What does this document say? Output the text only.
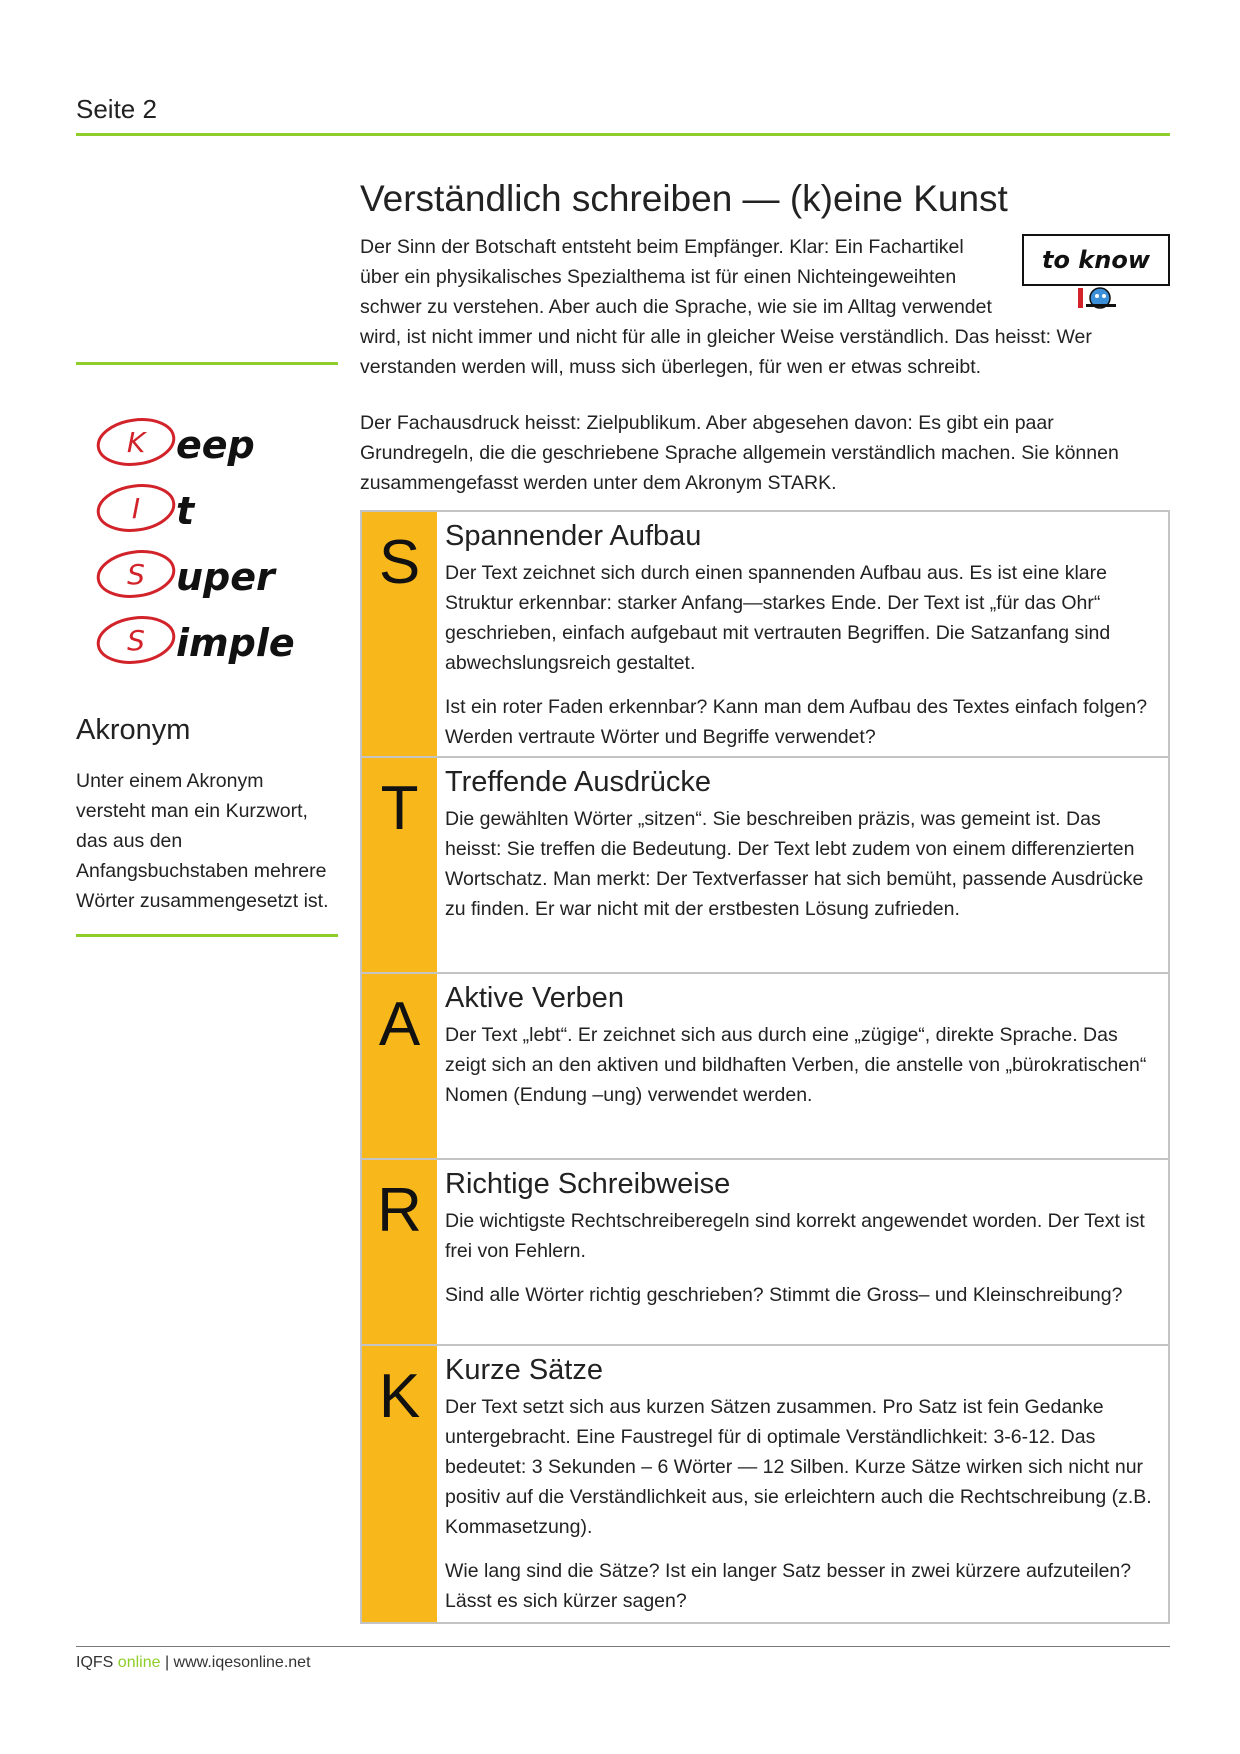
Seite 2
K eep
I t
S uper
S imple
Akronym
Unter einem Akronym versteht man ein Kurzwort, das aus den Anfangsbuchstaben mehrere Wörter zusammengesetzt ist.
Verständlich schreiben — (k)eine Kunst
to know

Der Sinn der Botschaft entsteht beim Empfänger. Klar: Ein Fachartikel über ein physikalisches Spezialthema ist für einen Nichteingeweihten schwer zu verstehen. Aber auch die Sprache, wie sie im Alltag verwendet wird, ist nicht immer und nicht für alle in gleicher Weise verständlich. Das heisst: Wer verstanden werden will, muss sich überlegen, für wen er etwas schreibt.

Der Fachausdruck heisst: Zielpublikum. Aber abgesehen davon: Es gibt ein paar Grundregeln, die die geschriebene Sprache allgemein verständlich machen. Sie können zusammengefasst werden unter dem Akronym STARK.

S Spannender Aufbau

Der Text zeichnet sich durch einen spannenden Aufbau aus. Es ist eine klare Struktur erkennbar: starker Anfang—starkes Ende. Der Text ist „für das Ohr“ geschrieben, einfach aufgebaut mit vertrauten Begriffen. Die Satzanfang sind abwechslungsreich gestaltet.

Ist ein roter Faden erkennbar? Kann man dem Aufbau des Textes einfach folgen? Werden vertraute Wörter und Begriffe verwendet?

T Treffende Ausdrücke

Die gewählten Wörter „sitzen“. Sie beschreiben präzis, was gemeint ist. Das heisst: Sie treffen die Bedeutung. Der Text lebt zudem von einem differenzierten Wortschatz. Man merkt: Der Textverfasser hat sich bemüht, passende Ausdrücke zu finden. Er war nicht mit der erstbesten Lösung zufrieden.

A Aktive Verben

Der Text „lebt“. Er zeichnet sich aus durch eine „zügige“, direkte Sprache. Das zeigt sich an den aktiven und bildhaften Verben, die anstelle von „bürokratischen“ Nomen (Endung –ung) verwendet werden.

R Richtige Schreibweise

Die wichtigste Rechtschreiberegeln sind korrekt angewendet worden. Der Text ist frei von Fehlern.

Sind alle Wörter richtig geschrieben? Stimmt die Gross– und Kleinschreibung?

K Kurze Sätze

Der Text setzt sich aus kurzen Sätzen zusammen. Pro Satz ist fein Gedanke untergebracht. Eine Faustregel für di optimale Verständlichkeit: 3-6-12. Das bedeutet: 3 Sekunden – 6 Wörter — 12 Silben. Kurze Sätze wirken sich nicht nur positiv auf die Verständlichkeit aus, sie erleichtern auch die Rechtschreibung (z.B. Kommasetzung).

Wie lang sind die Sätze? Ist ein langer Satz besser in zwei kürzere aufzuteilen? Lässt es sich kürzer sagen?

IQFS online | www.iqesonline.net
